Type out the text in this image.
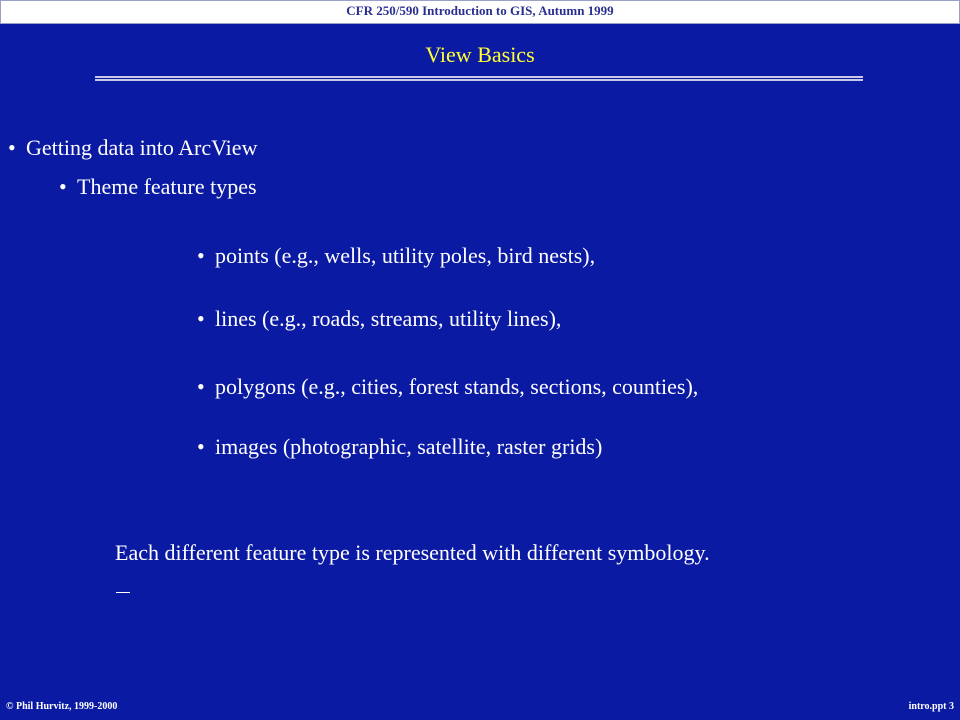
CFR 250/590 Introduction to GIS, Autumn 1999
View Basics
• Getting data into ArcView
• Theme feature types
• points (e.g., wells, utility poles, bird nests),
• lines (e.g., roads, streams, utility lines),
• polygons (e.g., cities, forest stands, sections, counties),
• images (photographic, satellite, raster grids)
Each different feature type is represented with different symbology.
© Phil Hurvitz, 1999-2000	intro.ppt 3
